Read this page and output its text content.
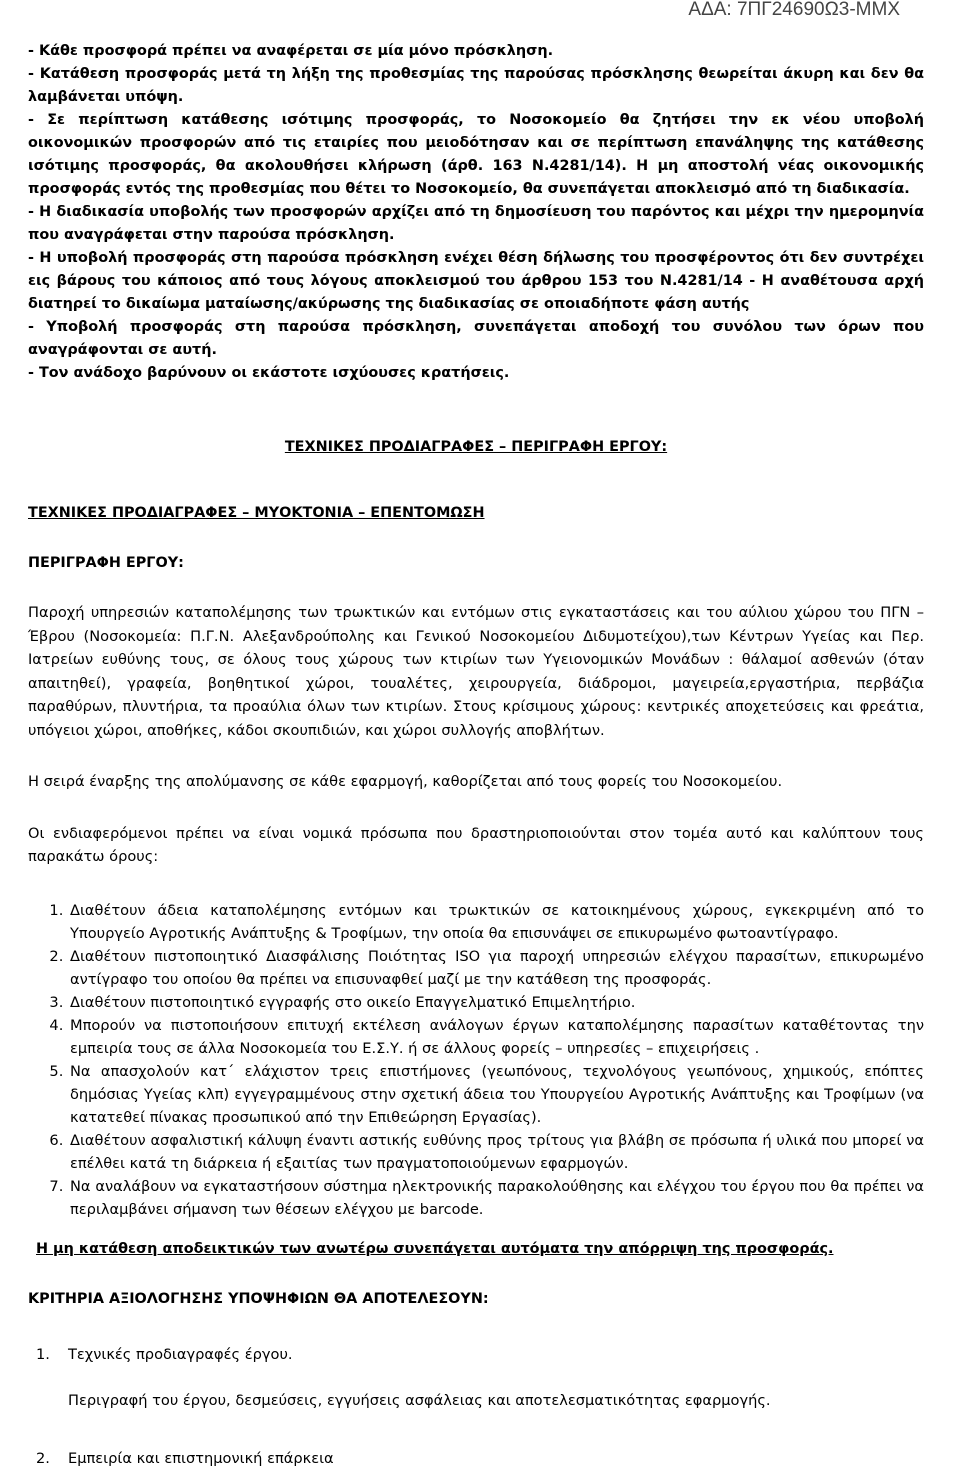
ΑΔΑ: 7ΠΓ24690Ω3-ΜΜΧ

- Κάθε προσφορά πρέπει να αναφέρεται σε μία μόνο πρόσκληση.

- Κατάθεση προσφοράς μετά τη λήξη της προθεσμίας της παρούσας πρόσκλησης θεωρείται άκυρη και δεν θα λαμβάνεται υπόψη.

- Σε περίπτωση κατάθεσης ισότιμης προσφοράς, το Νοσοκομείο θα ζητήσει την εκ νέου υποβολή οικονομικών προσφορών από τις εταιρίες που μειοδότησαν και σε περίπτωση επανάληψης της κατάθεσης ισότιμης προσφοράς, θα ακολουθήσει κλήρωση (άρθ. 163 Ν.4281/14). Η μη αποστολή νέας οικονομικής προσφοράς εντός της προθεσμίας που θέτει το Νοσοκομείο, θα συνεπάγεται αποκλεισμό από τη διαδικασία.

- Η διαδικασία υποβολής των προσφορών αρχίζει από τη δημοσίευση του παρόντος και μέχρι την ημερομηνία που αναγράφεται στην παρούσα πρόσκληση.

- Η υποβολή προσφοράς στη παρούσα πρόσκληση ενέχει θέση δήλωσης του προσφέροντος ότι δεν συντρέχει εις βάρους του κάποιος από τους λόγους αποκλεισμού του άρθρου 153 του Ν.4281/14 - Η αναθέτουσα αρχή διατηρεί το δικαίωμα ματαίωσης/ακύρωσης της διαδικασίας σε οποιαδήποτε φάση αυτής

- Υποβολή προσφοράς στη παρούσα πρόσκληση, συνεπάγεται αποδοχή του συνόλου των όρων που αναγράφονται σε αυτή.

- Τον ανάδοχο βαρύνουν οι εκάστοτε ισχύουσες κρατήσεις.

ΤΕΧΝΙΚΕΣ ΠΡΟΔΙΑΓΡΑΦΕΣ – ΠΕΡΙΓΡΑΦΗ ΕΡΓΟΥ:
ΤΕΧΝΙΚΕΣ ΠΡΟΔΙΑΓΡΑΦΕΣ – ΜΥΟΚΤΟΝΙΑ – ΕΠΕΝΤΟΜΩΣΗ
ΠΕΡΙΓΡΑΦΗ ΕΡΓΟΥ:

Παροχή υπηρεσιών καταπολέμησης των τρωκτικών και εντόμων στις εγκαταστάσεις και του αύλιου χώρου του ΠΓΝ – Έβρου (Νοσοκομεία: Π.Γ.Ν. Αλεξανδρούπολης και Γενικού Νοσοκομείου Διδυμοτείχου),των Κέντρων Υγείας και Περ. Ιατρείων ευθύνης τους, σε όλους τους χώρους των κτιρίων των Υγειονομικών Μονάδων : θάλαμοί ασθενών (όταν απαιτηθεί), γραφεία, βοηθητικοί χώροι, τουαλέτες, χειρουργεία, διάδρομοι, μαγειρεία,εργαστήρια, περβάζια παραθύρων, πλυντήρια, τα προαύλια όλων των κτιρίων. Στους κρίσιμους χώρους: κεντρικές αποχετεύσεις και φρεάτια, υπόγειοι χώροι, αποθήκες, κάδοι σκουπιδιών, και χώροι συλλογής αποβλήτων.

Η σειρά έναρξης της απολύμανσης σε κάθε εφαρμογή, καθορίζεται από τους φορείς του Νοσοκομείου.

Οι ενδιαφερόμενοι πρέπει να είναι νομικά πρόσωπα που δραστηριοποιούνται στον τομέα αυτό και καλύπτουν τους παρακάτω όρους:

1. Διαθέτουν άδεια καταπολέμησης εντόμων και τρωκτικών σε κατοικημένους χώρους, εγκεκριμένη από το Υπουργείο Αγροτικής Ανάπτυξης & Τροφίμων, την οποία θα επισυνάψει σε επικυρωμένο φωτοαντίγραφο.
2. Διαθέτουν πιστοποιητικό Διασφάλισης Ποιότητας ISO για παροχή υπηρεσιών ελέγχου παρασίτων, επικυρωμένο αντίγραφο του οποίου θα πρέπει να επισυναφθεί μαζί με την κατάθεση της προσφοράς.
3. Διαθέτουν πιστοποιητικό εγγραφής στο οικείο Επαγγελματικό Επιμελητήριο.
4. Μπορούν να πιστοποιήσουν επιτυχή εκτέλεση ανάλογων έργων καταπολέμησης παρασίτων καταθέτοντας την εμπειρία τους σε άλλα Νοσοκομεία του Ε.Σ.Υ. ή σε άλλους φορείς – υπηρεσίες – επιχειρήσεις .
5. Να απασχολούν κατ΄ ελάχιστον τρεις επιστήμονες (γεωπόνους, τεχνολόγους γεωπόνους, χημικούς, επόπτες δημόσιας Υγείας κλπ) εγγεγραμμένους στην σχετική άδεια του Υπουργείου Αγροτικής Ανάπτυξης και Τροφίμων (να κατατεθεί πίνακας προσωπικού από την Επιθεώρηση Εργασίας).
6. Διαθέτουν ασφαλιστική κάλυψη έναντι αστικής ευθύνης προς τρίτους για βλάβη σε πρόσωπα ή υλικά που μπορεί να επέλθει κατά τη διάρκεια ή εξαιτίας των πραγματοποιούμενων εφαρμογών.
7. Να αναλάβουν να εγκαταστήσουν σύστημα ηλεκτρονικής παρακολούθησης και ελέγχου του έργου που θα πρέπει να περιλαμβάνει σήμανση των θέσεων ελέγχου με barcode.
Η μη κατάθεση αποδεικτικών των ανωτέρω συνεπάγεται αυτόματα την απόρριψη της προσφοράς.
ΚΡΙΤΗΡΙΑ ΑΞΙΟΛΟΓΗΣΗΣ ΥΠΟΨΗΦΙΩΝ ΘΑ ΑΠΟΤΕΛΕΣΟΥΝ:
1. Τεχνικές προδιαγραφές έργου.
Περιγραφή του έργου, δεσμεύσεις, εγγυήσεις ασφάλειας και αποτελεσματικότητας εφαρμογής.
2. Εμπειρία και επιστημονική επάρκεια
